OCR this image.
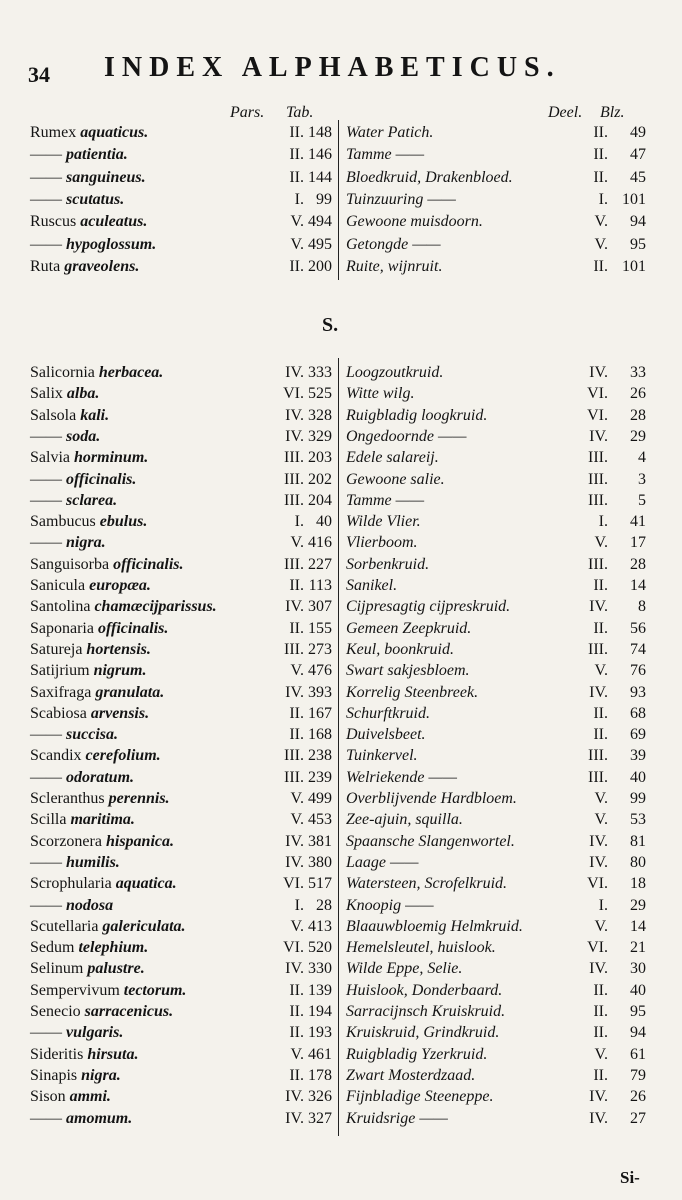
34 INDEX ALPHABETICUS.
Pars. Tab.	Deel. Blz.
S.
Rumex aquaticus.	II. 148 Water Patich.	II.	49
—— patientia.	II. 146 Tamme ——	II.	47
—— sanguineus.	II. 144 Bloedkruid, Drakenbloed.	II.	45
—— scutatus.	I. 99 Tuinzuuring ——	I. 101
Ruscus aculeatus.	V. 494 Gewoone muisdoorn.	V.	94
—— hypoglossum.	V. 495 Getongde ——	V.	95
Ruta graveolens.	II. 200 Ruite, wijnruit.	II. 101
Salicornia herbacea.	IV. 333 Loogzoutkruid.	IV.	33
Salix alba.	VI. 525 Witte wilg.	VI.	26
Salsola kali.	IV. 328 Ruigbladig loogkruid.	VI.	28
—— soda.	IV. 329 Ongedoornde ——	IV.	29
Salvia horminum.	III. 203 Edele salareij.	III.	4
—— officinalis.	III. 202 Gewoone salie.	III.	3
—— sclarea.	III. 204 Tamme ——	III.	5
Sambucus ebulus.	I. 40 Wilde Vlier.	I.	41
—— nigra.	V. 416 Vlierboom.	V.	17
Sanguisorba officinalis.	III. 227 Sorbenkruid.	III.	28
Sanicula europæa.	II. 113 Sanikel.	II.	14
Santolina chamæcijparissus.	IV. 307 Cijpresagtig cijpreskruid.	IV.	8
Saponaria officinalis.	II. 155 Gemeen Zeepkruid.	II.	56
Satureja hortensis.	III. 273 Keul, boonkruid.	III.	74
Satijrium nigrum.	V. 476 Swart sakjesbloem.	V.	76
Saxifraga granulata.	IV. 393 Korrelig Steenbreek.	IV.	93
Scabiosa arvensis.	II. 167 Schurftkruid.	II.	68
—— succisa.	II. 168 Duivelsbeet.	II.	69
Scandix cerefolium.	III. 238 Tuinkervel.	III.	39
—— odoratum.	III. 239 Welriekende ——	III.	40
Scleranthus perennis.	V. 499 Overblijvende Hardbloem.	V.	99
Scilla maritima.	V. 453 Zee-ajuin, squilla.	V.	53
Scorzonera hispanica.	IV. 381 Spaansche Slangenwortel.	IV.	81
—— humilis.	IV. 380 Laage ——	IV.	80
Scrophularia aquatica.	VI. 517 Watersteen, Scrofelkruid.	VI.	18
—— nodosa	I. 28 Knoopig ——	I.	29
Scutellaria galericulata.	V. 413 Blaauwbloemig Helmkruid.	V.	14
Sedum telephium.	VI. 520 Hemelsleutel, huislook.	VI.	21
Selinum palustre.	IV. 330 Wilde Eppe, Selie.	IV.	30
Sempervivum tectorum.	II. 139 Huislook, Donderbaard.	II.	40
Senecio sarracenicus.	II. 194 Sarracijnsch Kruiskruid.	II.	95
—— vulgaris.	II. 193 Kruiskruid, Grindkruid.	II.	94
Sideritis hirsuta.	V. 461 Ruigbladig Yzerkruid.	V.	61
Sinapis nigra.	II. 178 Zwart Mosterdzaad.	II.	79
Sison ammi.	IV. 326 Fijnbladige Steeneppe.	IV.	26
—— amomum.	IV. 327 Kruidsrige ——	IV.	27
Si-
